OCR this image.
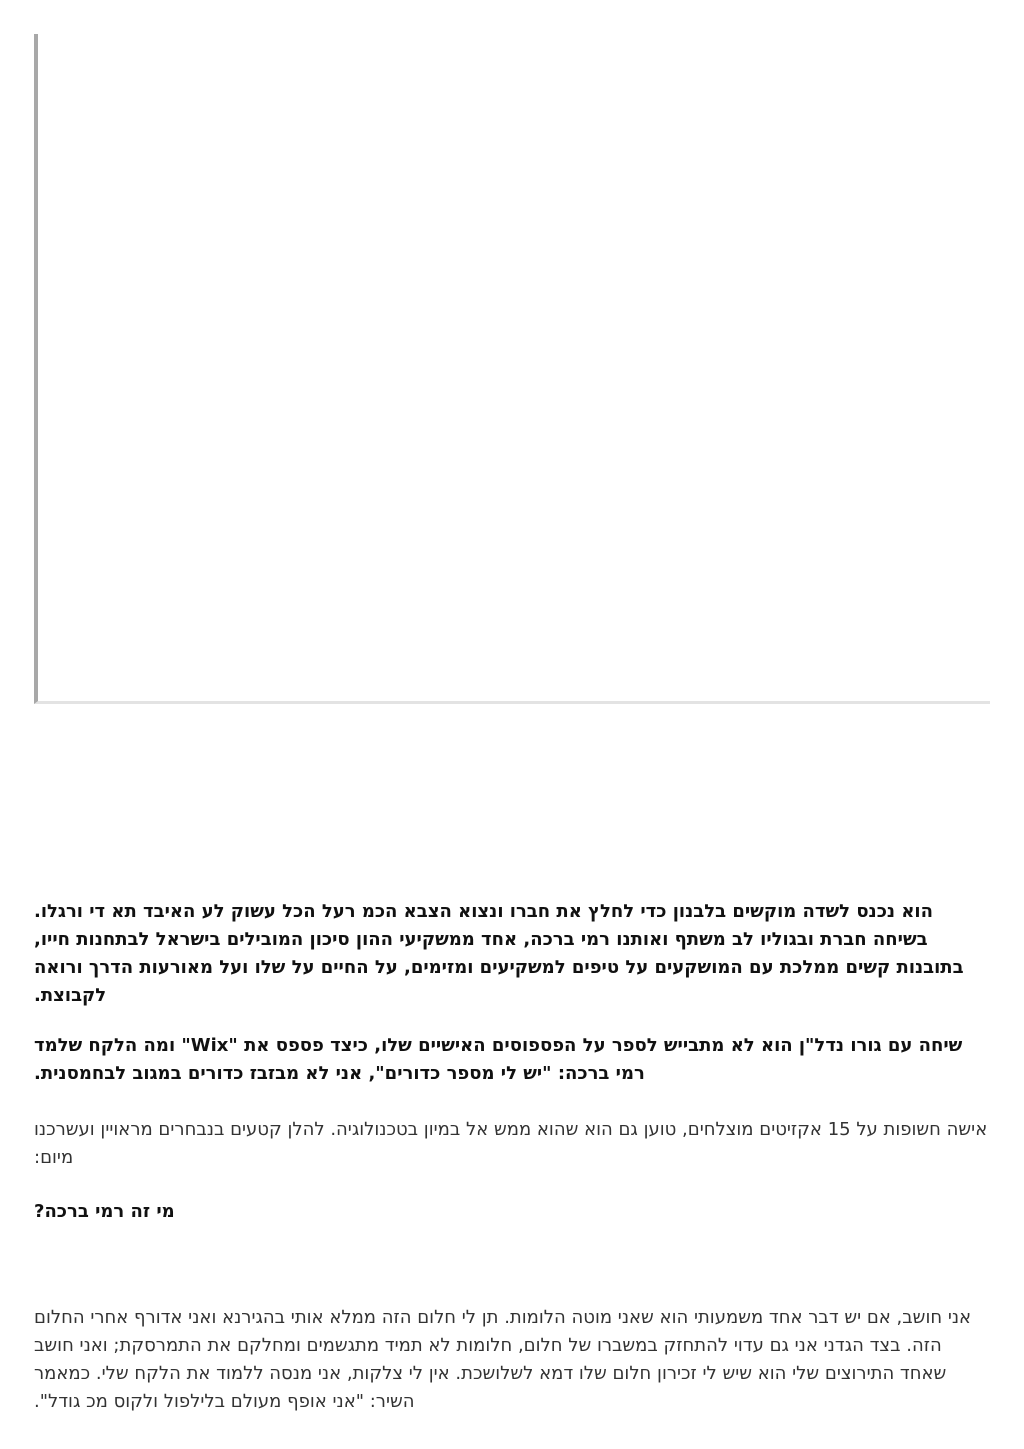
הוא נכנס לשדה מוקשים בלבנון כדי לחלץ את חברו ונצוא הצבא הכמ רעל הכל עשוק לע האיבד תא די ורגלו. בשיחה חברת ובגוליו לב משתף ואותנו רמי ברכה, אחד ממשקיעי ההון סיכון המובילים בישראל לבתחנות חייו, בתובנות קשים ממלכת עם המושקעים על טיפים למשקיעים ומזימים, על החיים על שלו ועל מאורעות הדרך ורואה לקבוצת.

שיחה עם גורו נדל"ן הוא לא מתבייש לספר על הפספוסים האישיים שלו, כיצד פספס את "Wix" ומה הלקח שלמד רמי ברכה: "יש לי מספר כדורים", אני לא מבזבז כדורים במגוב לבחמסנית.

אישה חשופות על 15 אקזיטים מוצלחים, טוען גם הוא שהוא ממש אל במיון בטכנולוגיה. להלן קטעים בנבחרים מראויין ועשרכנו מיום:

מי זה רמי ברכה?

אני חושב, אם יש דבר אחד משמעותי הוא שאני מוטה הלומות. תן לי חלום הזה ממלא אותי בהגירנא ואני אדורף אחרי החלום הזה. בצד הגדני אני גם עדוי להתחזק במשברו של חלום, חלומות לא תמיד מתגשמים ומחלקם את התמרסקת; ואני חושב שאחד התירוצים שלי הוא שיש לי זכירון חלום שלו דמא לשלושכת. אין לי צלקות, אני מנסה ללמוד את הלקח שלי. כמאמר השיר: "אני אופף מעולם בלילפול ולקוס מכ גודל".
